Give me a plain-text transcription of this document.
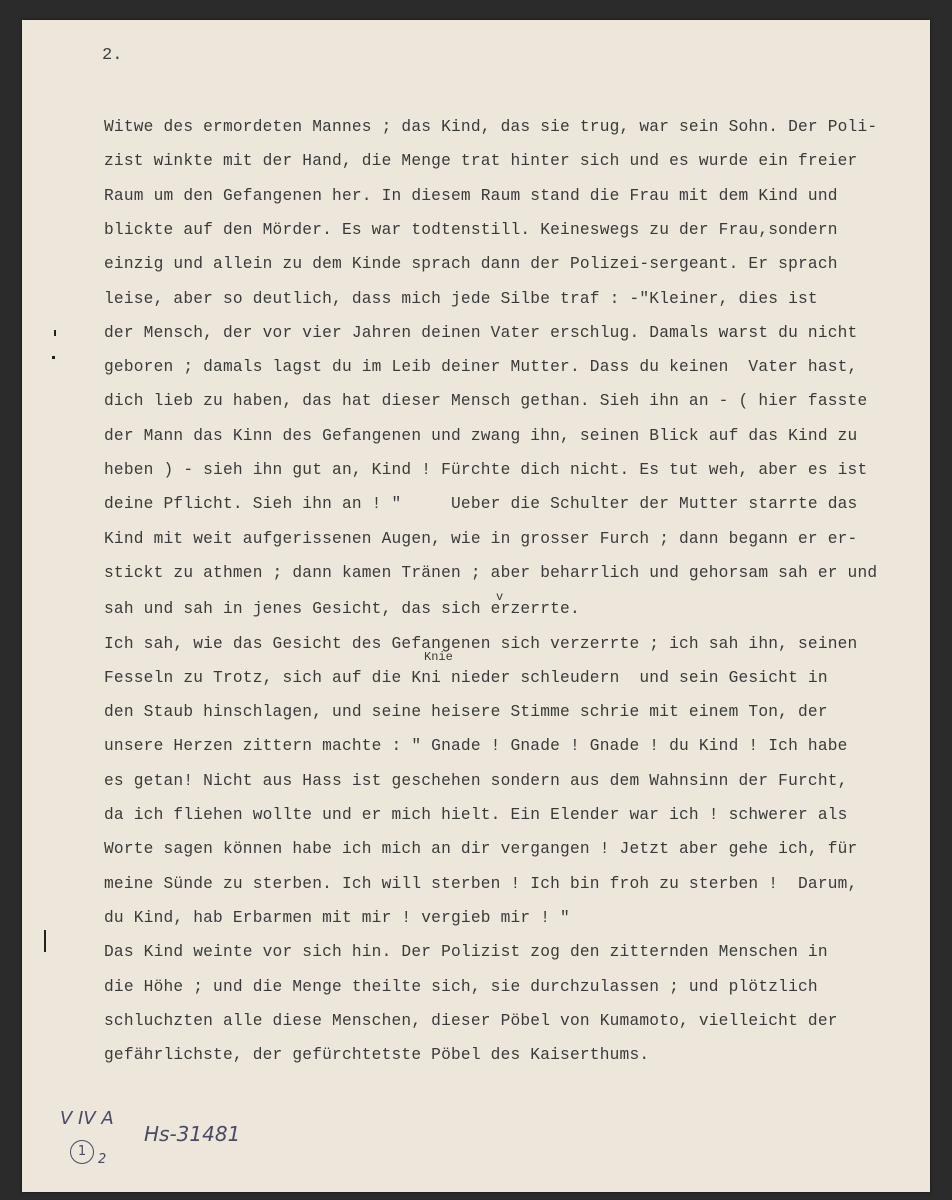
2.
Witwe des ermordeten Mannes ; das Kind, das sie trug, war sein Sohn. Der Poli-
zist winkte mit der Hand, die Menge trat hinter sich und es wurde ein freier
Raum um den Gefangenen her. In diesem Raum stand die Frau mit dem Kind und
blickte auf den Mörder. Es war todtenstill. Keineswegs zu der Frau,sondern
einzig und allein zu dem Kinde sprach dann der Polizei-sergeant. Er sprach
leise, aber so deutlich, dass mich jede Silbe traf : -"Kleiner, dies ist
der Mensch, der vor vier Jahren deinen Vater erschlug. Damals warst du nicht
geboren ; damals lagst du im Leib deiner Mutter. Dass du keinen  Vater hast,
dich lieb zu haben, das hat dieser Mensch gethan. Sieh ihn an - ( hier fasste
der Mann das Kinn des Gefangenen und zwang ihn, seinen Blick auf das Kind zu
heben ) - sieh ihn gut an, Kind ! Fürchte dich nicht. Es tut weh, aber es ist
deine Pflicht. Sieh ihn an ! "     Ueber die Schulter der Mutter starrte das
Kind mit weit aufgerissenen Augen, wie in grosser Furch ; dann begann er er-
stickt zu athmen ; dann kamen Tränen ; aber beharrlich und gehorsam sah er und
sah und sah in jenes Gesicht, das sich erzerrte.
Ich sah, wie das Gesicht des Gefangenen sich verzerrte ; ich sah ihn, seinen
Fesseln zu Trotz, sich auf die Kni nieder schleudern  und sein Gesicht in
den Staub hinschlagen, und seine heisere Stimme schrie mit einem Ton, der
unsere Herzen zittern machte : " Gnade ! Gnade ! Gnade ! du Kind ! Ich habe
es getan! Nicht aus Hass ist geschehen sondern aus dem Wahnsinn der Furcht,
da ich fliehen wollte und er mich hielt. Ein Elender war ich ! schwerer als
Worte sagen können habe ich mich an dir vergangen ! Jetzt aber gehe ich, für
meine Sünde zu sterben. Ich will sterben ! Ich bin froh zu sterben !  Darum,
du Kind, hab Erbarmen mit mir ! vergieb mir ! "
Das Kind weinte vor sich hin. Der Polizist zog den zitternden Menschen in
die Höhe ; und die Menge theilte sich, sie durchzulassen ; und plötzlich
schluchzten alle diese Menschen, dieser Pöbel von Kumamoto, vielleicht der
gefährlichste, der gefürchtetste Pöbel des Kaiserthums.
v
Knie
V IV A
1
2
Hs-31481
